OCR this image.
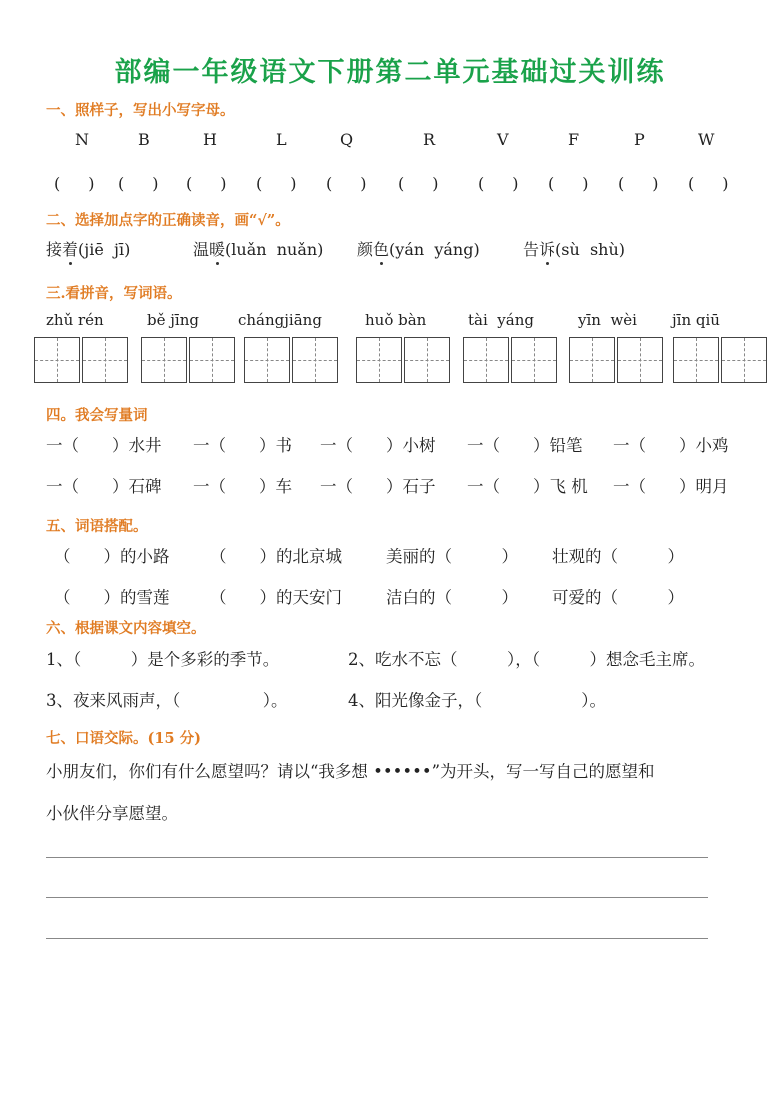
部编一年级语文下册第二单元基础过关训练
一、照样子，写出小写字母。
N	B	H	L	Q	R	V	F	P	W
(　) (　) (　) (　) (　) (　) (　) (　) (　) (　)
二、选择加点字的正确读音，画“√”。
接着(jiē  jī)	温暖(luǎn  nuǎn) 颜色(yán  yáng)	告诉(sù  shù)
三.看拼音，写词语。
zhǔ rén	bě jīng	chángjiāng	huǒ bàn	tài  yáng	yīn  wèi jīn qiū
四。我会写量词
一（　　）水井 一（　　）书 一（　　）小树 一（　　）铅笔 一（　　）小鸡
一（　　）石碑 一（　　）车 一（　　）石子 一（　　）飞 机 一（　　）明月
五、词语搭配。
（　　）的小路 （　　）的北京城	美丽的（　　　） 壮观的（　　　）
（　　）的雪莲 （　　）的天安门	洁白的（　　　） 可爱的（　　　）
六、根据课文内容填空。
1、（　　　）是个多彩的季节。	2、吃水不忘（　　　），（　　　）想念毛主席。
3、夜来风雨声，（　　　　　）。	4、阳光像金子，（　　　　　　）。
七、口语交际。(15 分)
小朋友们，你们有什么愿望吗？请以“我多想 ••••••”为开头，写一写自己的愿望和
小伙伴分享愿望。
